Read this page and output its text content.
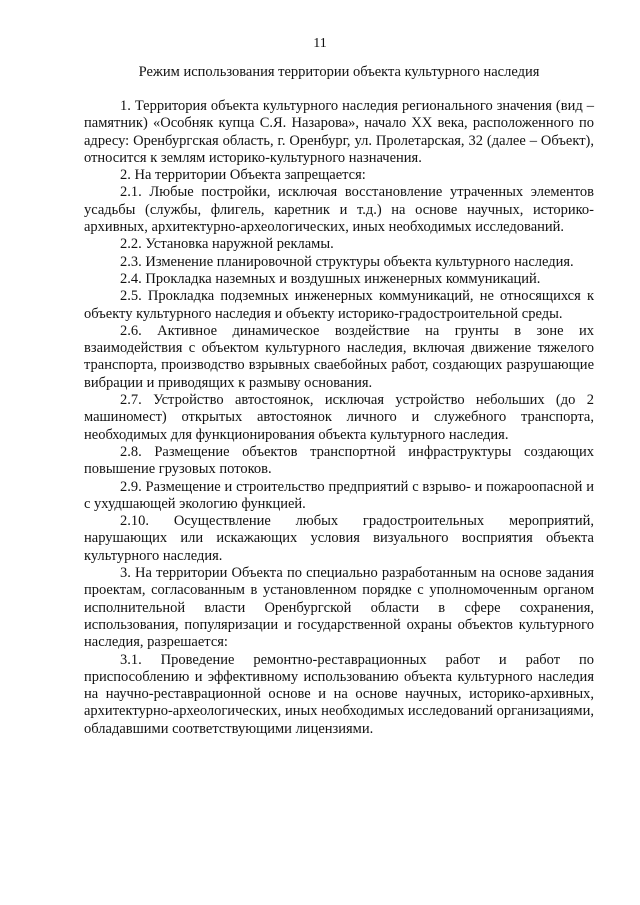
11
Режим использования территории объекта культурного наследия

1. Территория объекта культурного наследия регионального значения (вид – памятник) «Особняк купца С.Я. Назарова», начало XX века, расположенного по адресу: Оренбургская область, г. Оренбург, ул. Пролетарская, 32 (далее – Объект), относится к землям историко-культурного назначения.

2. На территории Объекта запрещается:

2.1. Любые постройки, исключая восстановление утраченных элементов усадьбы (службы, флигель, каретник и т.д.) на основе научных, историко-архивных, архитектурно-археологических, иных необходимых исследований.

2.2. Установка наружной рекламы.

2.3. Изменение планировочной структуры объекта культурного наследия.

2.4. Прокладка наземных и воздушных инженерных коммуникаций.

2.5. Прокладка подземных инженерных коммуникаций, не относящихся к объекту культурного наследия и объекту историко-градостроительной среды.

2.6. Активное динамическое воздействие на грунты в зоне их взаимодействия с объектом культурного наследия, включая движение тяжелого транспорта, производство взрывных свaебойных работ, создающих разрушающие вибрации и приводящих к размыву основания.

2.7. Устройство автостоянок, исключая устройство небольших (до 2 машиномест) открытых автостоянок личного и служебного транспорта, необходимых для функционирования объекта культурного наследия.

2.8. Размещение объектов транспортной инфраструктуры создающих повышение грузовых потоков.

2.9. Размещение и строительство предприятий с взрыво- и пожароопасной и с ухудшающей экологию функцией.

2.10. Осуществление любых градостроительных мероприятий, нарушающих или искажающих условия визуального восприятия объекта культурного наследия.

3. На территории Объекта по специально разработанным на основе задания проектам, согласованным в установленном порядке с уполномоченным органом исполнительной власти Оренбургской области в сфере сохранения, использования, популяризации и государственной охраны объектов культурного наследия, разрешается:

3.1. Проведение ремонтно-реставрационных работ и работ по приспособлению и эффективному использованию объекта культурного наследия на научно-реставрационной основе и на основе научных, историко-архивных, архитектурно-археологических, иных необходимых исследований организациями, обладавшими соответствующими лицензиями.
